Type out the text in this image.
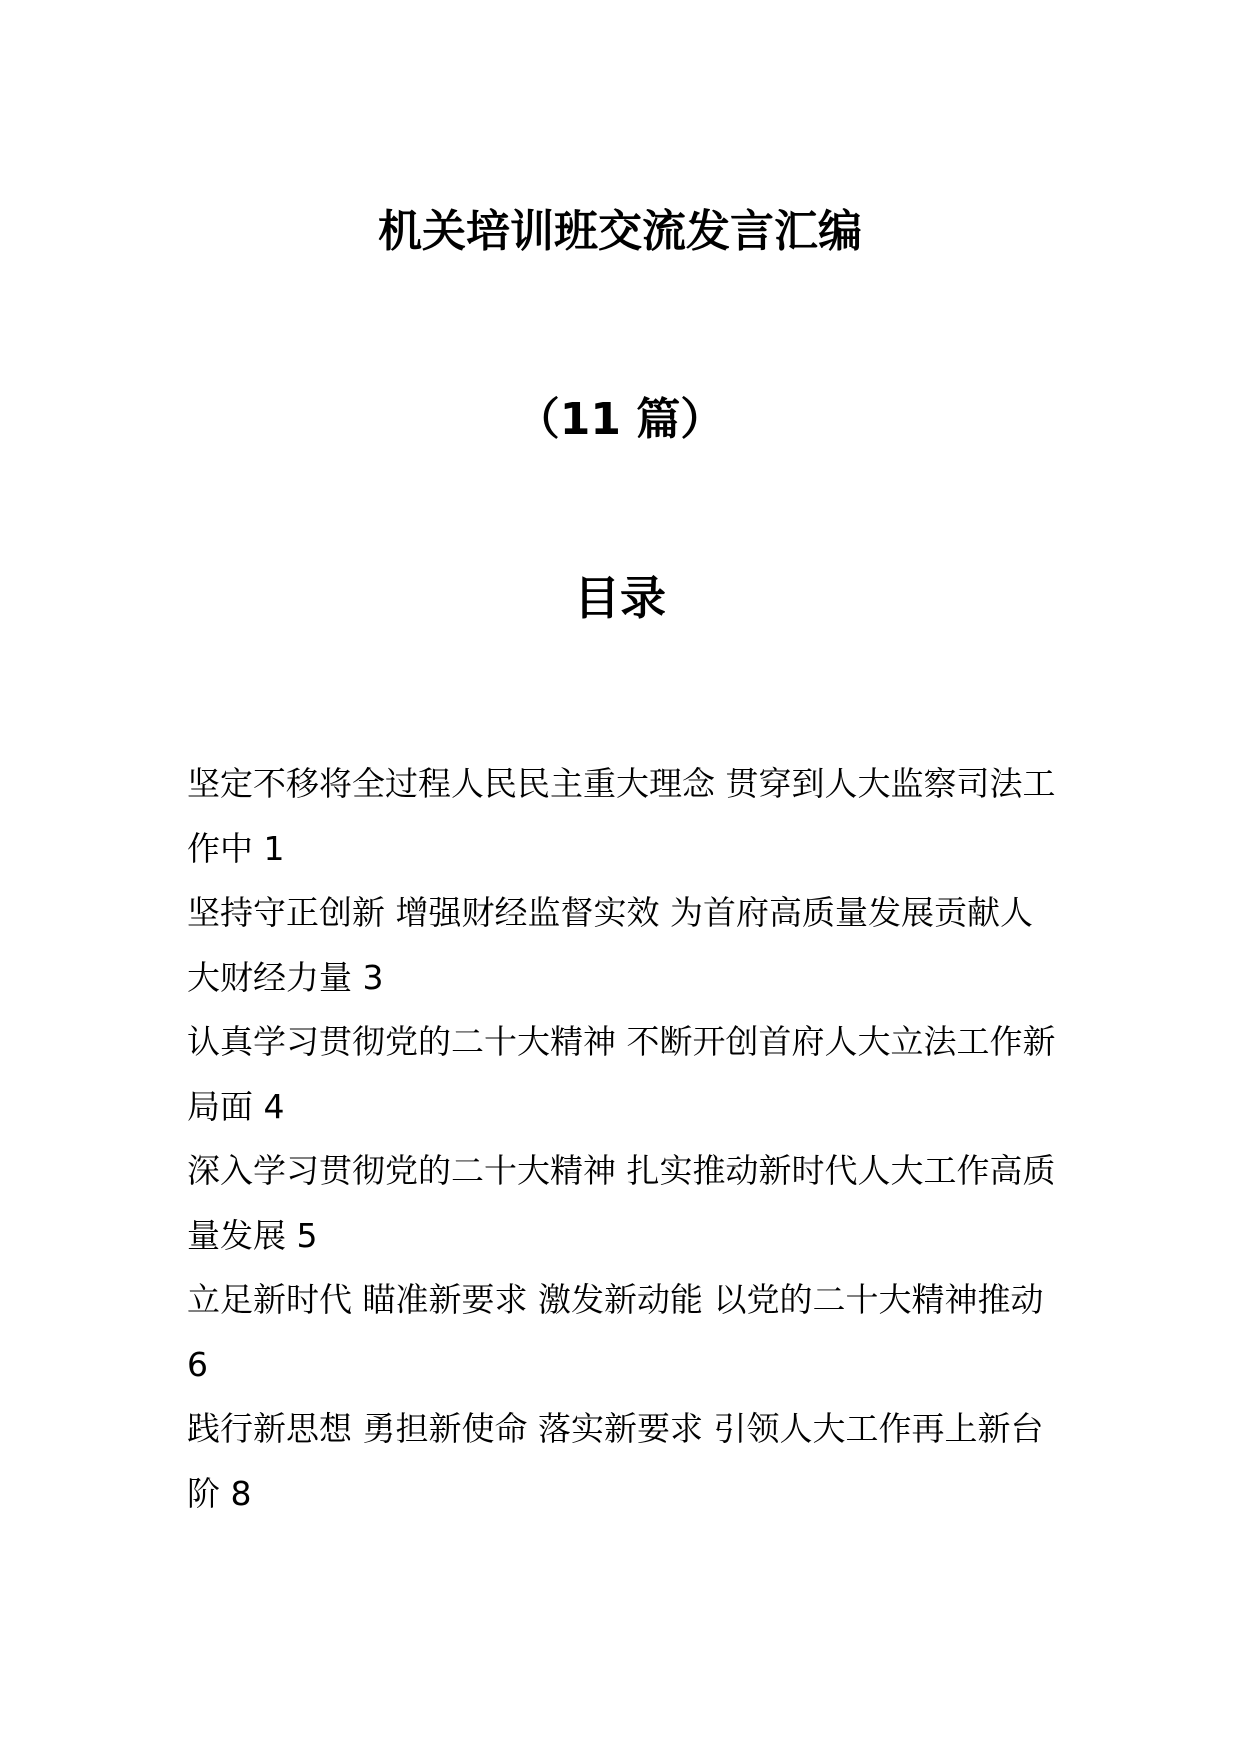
机关培训班交流发言汇编
（11 篇）
目录
坚定不移将全过程人民民主重大理念 贯穿到人大监察司法工作中 1
坚持守正创新 增强财经监督实效 为首府高质量发展贡献人大财经力量 3
认真学习贯彻党的二十大精神 不断开创首府人大立法工作新局面 4
深入学习贯彻党的二十大精神 扎实推动新时代人大工作高质量发展 5
立足新时代 瞄准新要求 激发新动能 以党的二十大精神推动 6
践行新思想 勇担新使命 落实新要求 引领人大工作再上新台阶 8
